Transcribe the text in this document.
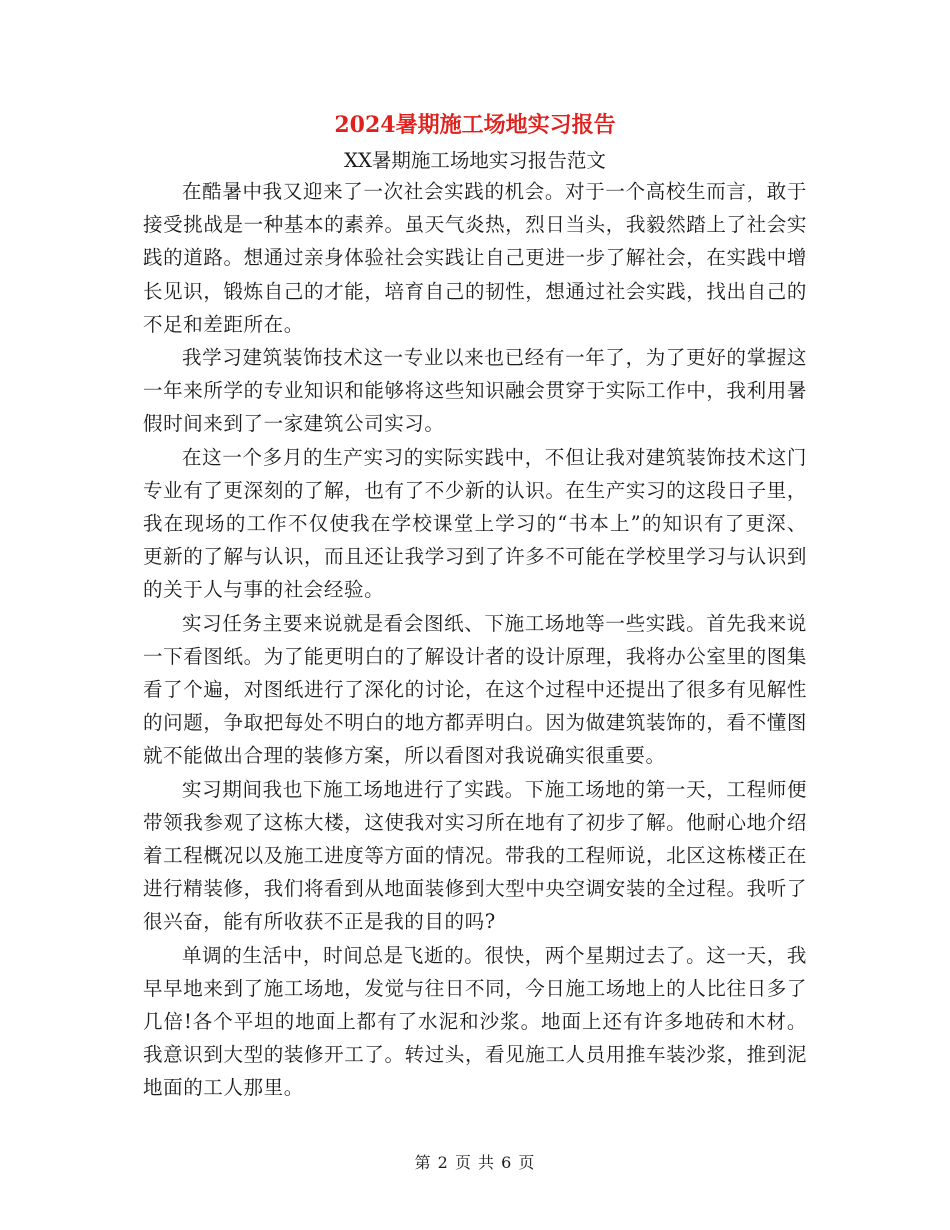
2024暑期施工场地实习报告
XX暑期施工场地实习报告范文

在酷暑中我又迎来了一次社会实践的机会。对于一个高校生而言，敢于接受挑战是一种基本的素养。虽天气炎热，烈日当头，我毅然踏上了社会实践的道路。想通过亲身体验社会实践让自己更进一步了解社会，在实践中增长见识，锻炼自己的才能，培育自己的韧性，想通过社会实践，找出自己的不足和差距所在。

我学习建筑装饰技术这一专业以来也已经有一年了，为了更好的掌握这一年来所学的专业知识和能够将这些知识融会贯穿于实际工作中，我利用暑假时间来到了一家建筑公司实习。

在这一个多月的生产实习的实际实践中，不但让我对建筑装饰技术这门专业有了更深刻的了解，也有了不少新的认识。在生产实习的这段日子里，我在现场的工作不仅使我在学校课堂上学习的“书本上”的知识有了更深、更新的了解与认识，而且还让我学习到了许多不可能在学校里学习与认识到的关于人与事的社会经验。

实习任务主要来说就是看会图纸、下施工场地等一些实践。首先我来说一下看图纸。为了能更明白的了解设计者的设计原理，我将办公室里的图集看了个遍，对图纸进行了深化的讨论，在这个过程中还提出了很多有见解性的问题，争取把每处不明白的地方都弄明白。因为做建筑装饰的，看不懂图就不能做出合理的装修方案，所以看图对我说确实很重要。

实习期间我也下施工场地进行了实践。下施工场地的第一天，工程师便带领我参观了这栋大楼，这使我对实习所在地有了初步了解。他耐心地介绍着工程概况以及施工进度等方面的情况。带我的工程师说，北区这栋楼正在进行精装修，我们将看到从地面装修到大型中央空调安装的全过程。我听了很兴奋，能有所收获不正是我的目的吗?

单调的生活中，时间总是飞逝的。很快，两个星期过去了。这一天，我早早地来到了施工场地，发觉与往日不同，今日施工场地上的人比往日多了几倍!各个平坦的地面上都有了水泥和沙浆。地面上还有许多地砖和木材。我意识到大型的装修开工了。转过头，看见施工人员用推车装沙浆，推到泥地面的工人那里。

第 2 页 共 6 页
